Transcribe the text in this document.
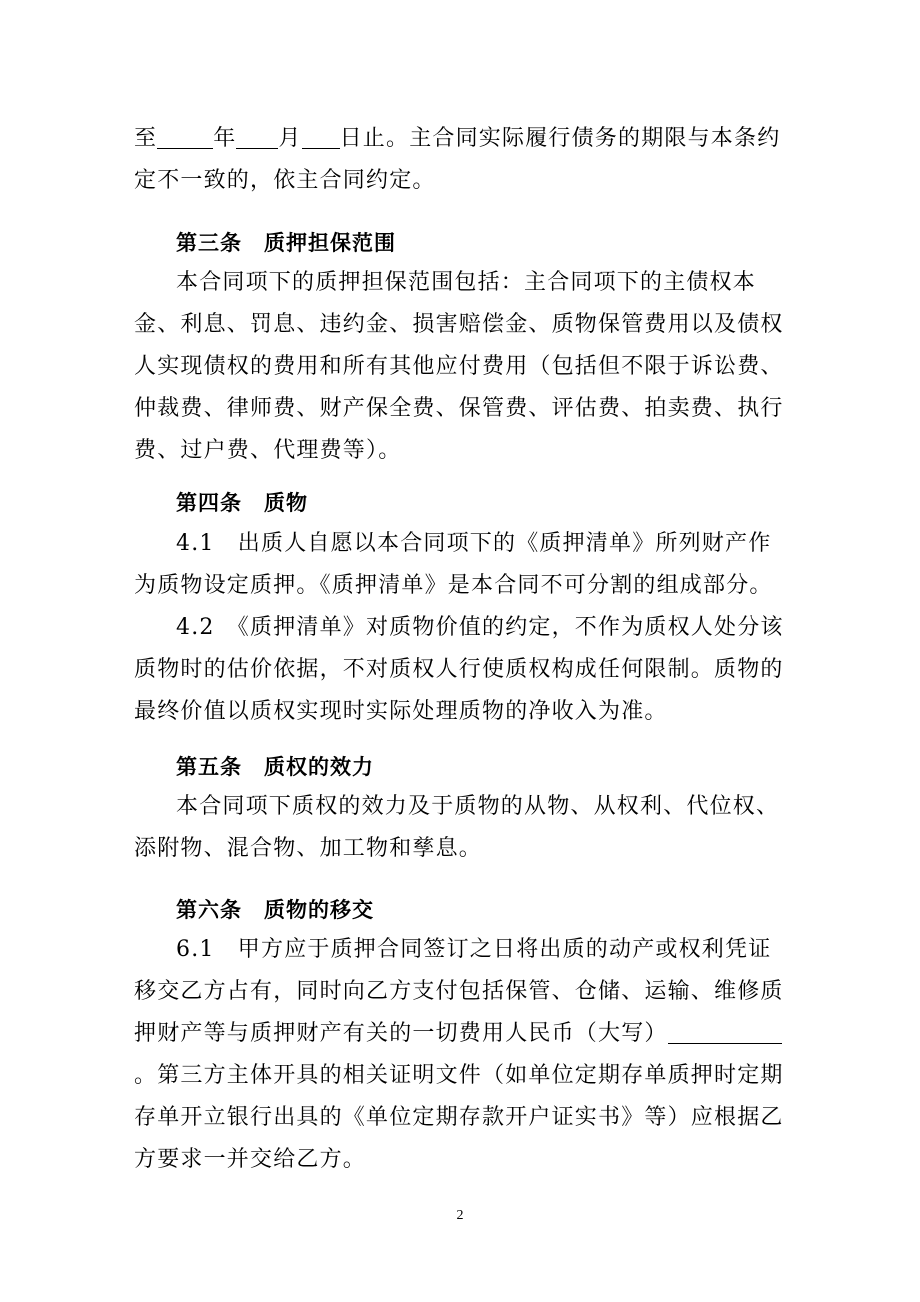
至	年 月 日止。主合同实际履行债务的期限与本条约定不一致的，依主合同约定。
第三条 质押担保范围
本合同项下的质押担保范围包括：主合同项下的主债权本金、利息、罚息、违约金、损害赔偿金、质物保管费用以及债权人实现债权的费用和所有其他应付费用（包括但不限于诉讼费、仲裁费、律师费、财产保全费、保管费、评估费、拍卖费、执行费、过户费、代理费等）。
第四条 质物
4.1　出质人自愿以本合同项下的《质押清单》所列财产作为质物设定质押。《质押清单》是本合同不可分割的组成部分。
4.2　《质押清单》对质物价值的约定，不作为质权人处分该质物时的估价依据，不对质权人行使质权构成任何限制。质物的最终价值以质权实现时实际处理质物的净收入为准。
第五条 质权的效力
本合同项下质权的效力及于质物的从物、从权利、代位权、添附物、混合物、加工物和孳息。
第六条 质物的移交
6.1　甲方应于质押合同签订之日将出质的动产或权利凭证移交乙方占有，同时向乙方支付包括保管、仓储、运输、维修质押财产等与质押财产有关的一切费用人民币（大写）。第三方主体开具的相关证明文件（如单位定期存单质押时定期存单开立银行出具的《单位定期存款开户证实书》等）应根据乙方要求一并交给乙方。
2
